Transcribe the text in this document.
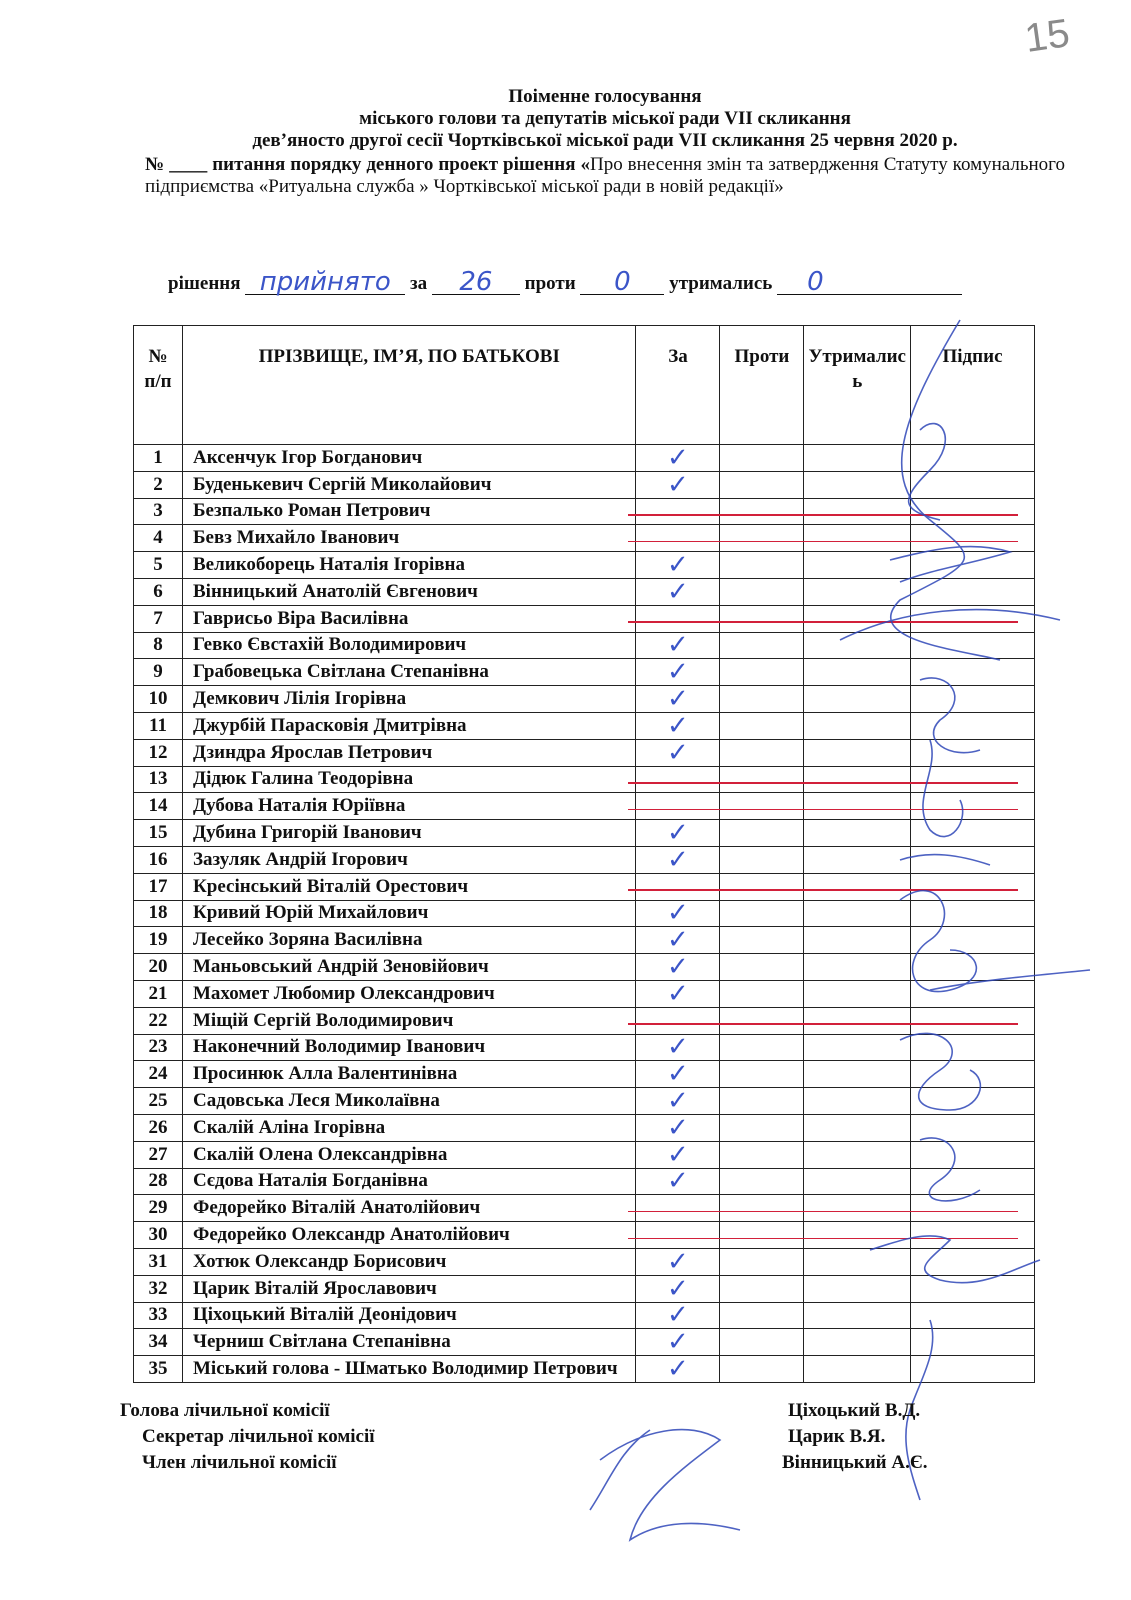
15
Поіменне голосування
міського голови та депутатів міської ради VII скликання
дев’яносто другої сесії Чортківської міської ради VII скликання 25 червня 2020 р.
№ ____ питання порядку денного проект рішення «Про внесення змін та затвердження Статуту комунального підприємства «Ритуальна служба » Чортківської міської ради в новій редакції»
рішення прийнято за 26 проти 0 утримались 0
№ п/п	ПРІЗВИЩЕ, ІМ’Я, ПО БАТЬКОВІ	За	Проти	Утрималис ь	Підпис
1	Аксенчук Ігор Богданович	✓			
2	Буденькевич Сергій Миколайович	✓			
3	Безпалько Роман Петрович	

4	Бевз Михайло Іванович	

5	Великоборець Наталія Ігорівна	✓			
6	Вінницький Анатолій Євгенович	✓			
7	Гаврисьо Віра Василівна	

8	Гевко Євстахій Володимирович	✓			
9	Грабовецька Світлана Степанівна	✓			
10	Демкович Лілія Ігорівна	✓			
11	Джурбій Парасковія Дмитрівна	✓			
12	Дзиндра Ярослав Петрович	✓			
13	Дідюк Галина Теодорівна	

14	Дубова Наталія Юріївна	

15	Дубина Григорій Іванович	✓			
16	Зазуляк Андрій Ігорович	✓			
17	Кресінський Віталій Орестович	

18	Кривий Юрій Михайлович	✓			
19	Лесейко Зоряна Василівна	✓			
20	Маньовський Андрій Зеновійович	✓			
21	Махомет Любомир Олександрович	✓			
22	Міщій Сергій Володимирович	

23	Наконечний Володимир Іванович	✓			
24	Просинюк Алла Валентинівна	✓			
25	Садовська Леся Миколаївна	✓			
26	Скалій Аліна Ігорівна	✓			
27	Скалій Олена Олександрівна	✓			
28	Сєдова Наталія Богданівна	✓			
29	Федорейко Віталій Анатолійович	

30	Федорейко Олександр Анатолійович	

31	Хотюк Олександр Борисович	✓			
32	Царик Віталій Ярославович	✓			
33	Ціхоцький Віталій Деонідович	✓			
34	Черниш Світлана Степанівна	✓			
35	Міський голова - Шматько Володимир Петрович	✓			
Голова лічильної комісії
Секретар лічильної комісії
Член лічильної комісії
Ціхоцький В.Д.
Царик В.Я.
Вінницький А.Є.
